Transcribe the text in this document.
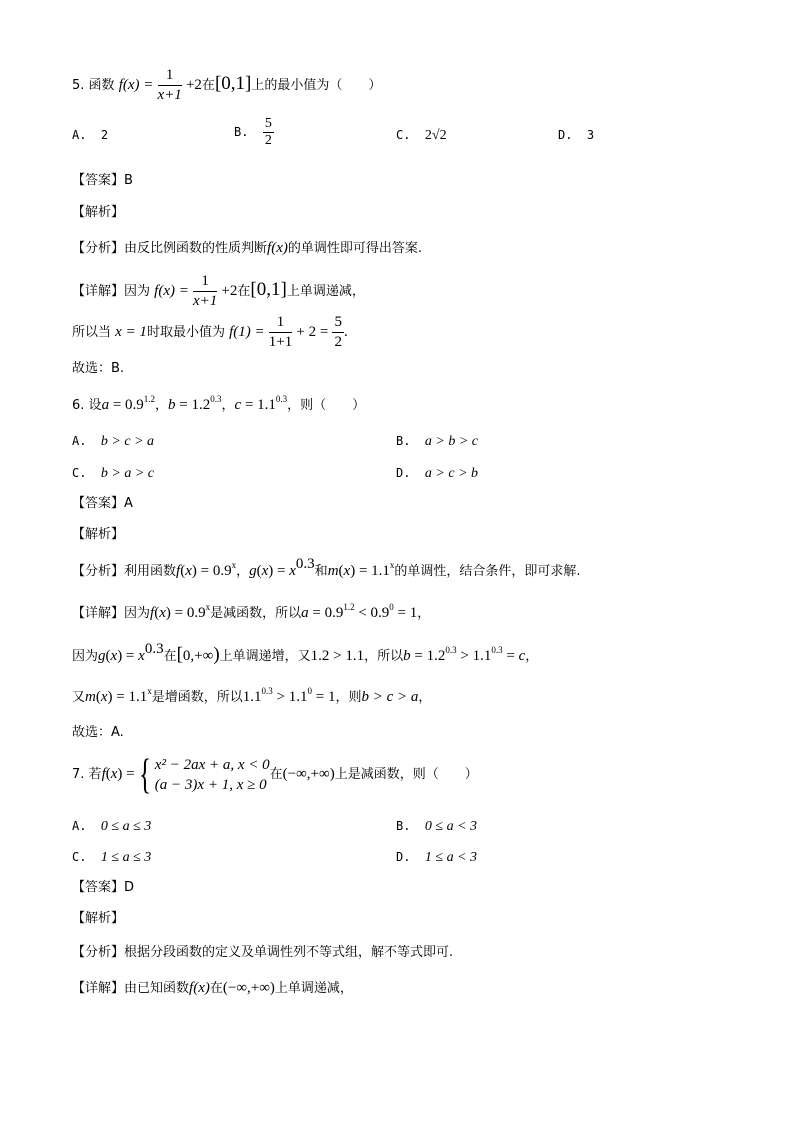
5. 函数 $f(x) = \frac{1}{x+1} +2$在[0,1]上的最小值为（　　）
A. 2	B. $\frac{5}{2}$	C. 2√2	D. 3
【答案】B
【解析】
【分析】由反比例函数的性质判断f(x)的单调性即可得出答案.
【详解】因为 $f(x) = \frac{1}{x+1} +2$在[0,1]上单调递减，
所以当 x = 1时取最小值为 $f(1) = \frac{1}{1+1} + 2 = \frac{5}{2}$ .
故选：B.
6. 设$a = 0.9^{1.2}$，$b = 1.2^{0.3}$，$c = 1.1^{0.3}$，则（　　）
A. b > c > a	B. a > b > c
C. b > a > c	D. a > c > b
【答案】A
【解析】
【分析】利用函数$f(x) = 0.9^x$，$g(x) = x^{0.3}$和$m(x) = 1.1^x$的单调性，结合条件，即可求解.
【详解】因为$f(x) = 0.9^x$是减函数，所以$a = 0.9^{1.2} < 0.9^0 = 1$，
因为$g(x) = x^{0.3}$在[0,+∞)上单调递增，又1.2 > 1.1，所以$b = 1.2^{0.3} > 1.1^{0.3} = c$，
又$m(x) = 1.1^x$是增函数，所以$1.1^{0.3} > 1.1^0 = 1$，则b > c > a，
故选：A.
7. 若f(x) ={ x² − 2ax + a, x < 0
(a − 3)x + 1, x ≥ 0
在(−∞,+∞)上是减函数，则（　　）
A. 0 ≤ a ≤ 3	B. 0 ≤ a < 3
C. 1 ≤ a ≤ 3	D. 1 ≤ a < 3
【答案】D
【解析】
【分析】根据分段函数的定义及单调性列不等式组，解不等式即可.
【详解】由已知函数f(x)在(−∞,+∞)上单调递减，
